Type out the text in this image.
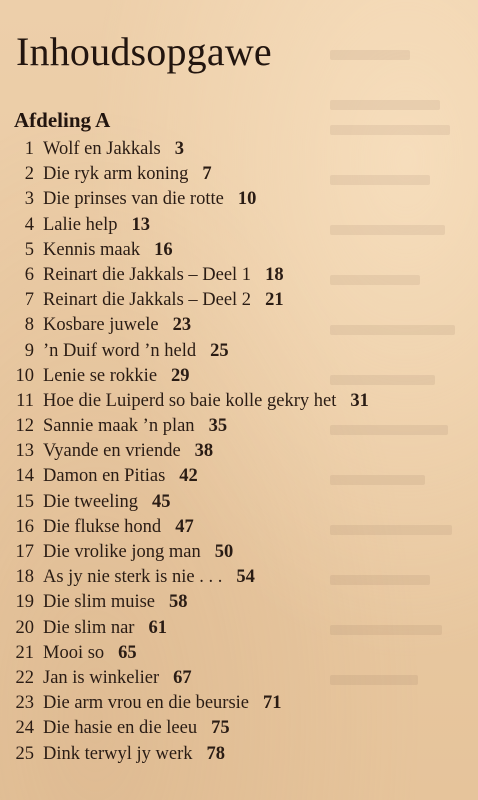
Inhoudsopgawe
Afdeling A
1 Wolf en Jakkals 3
2 Die ryk arm koning 7
3 Die prinses van die rotte 10
4 Lalie help 13
5 Kennis maak 16
6 Reinart die Jakkals – Deel 1 18
7 Reinart die Jakkals – Deel 2 21
8 Kosbare juwele 23
9 ’n Duif word ’n held 25
10 Lenie se rokkie 29
11 Hoe die Luiperd so baie kolle gekry het 31
12 Sannie maak ’n plan 35
13 Vyande en vriende 38
14 Damon en Pitias 42
15 Die tweeling 45
16 Die flukse hond 47
17 Die vrolike jong man 50
18 As jy nie sterk is nie . . . 54
19 Die slim muise 58
20 Die slim nar 61
21 Mooi so 65
22 Jan is winkelier 67
23 Die arm vrou en die beursie 71
24 Die hasie en die leeu 75
25 Dink terwyl jy werk 78
